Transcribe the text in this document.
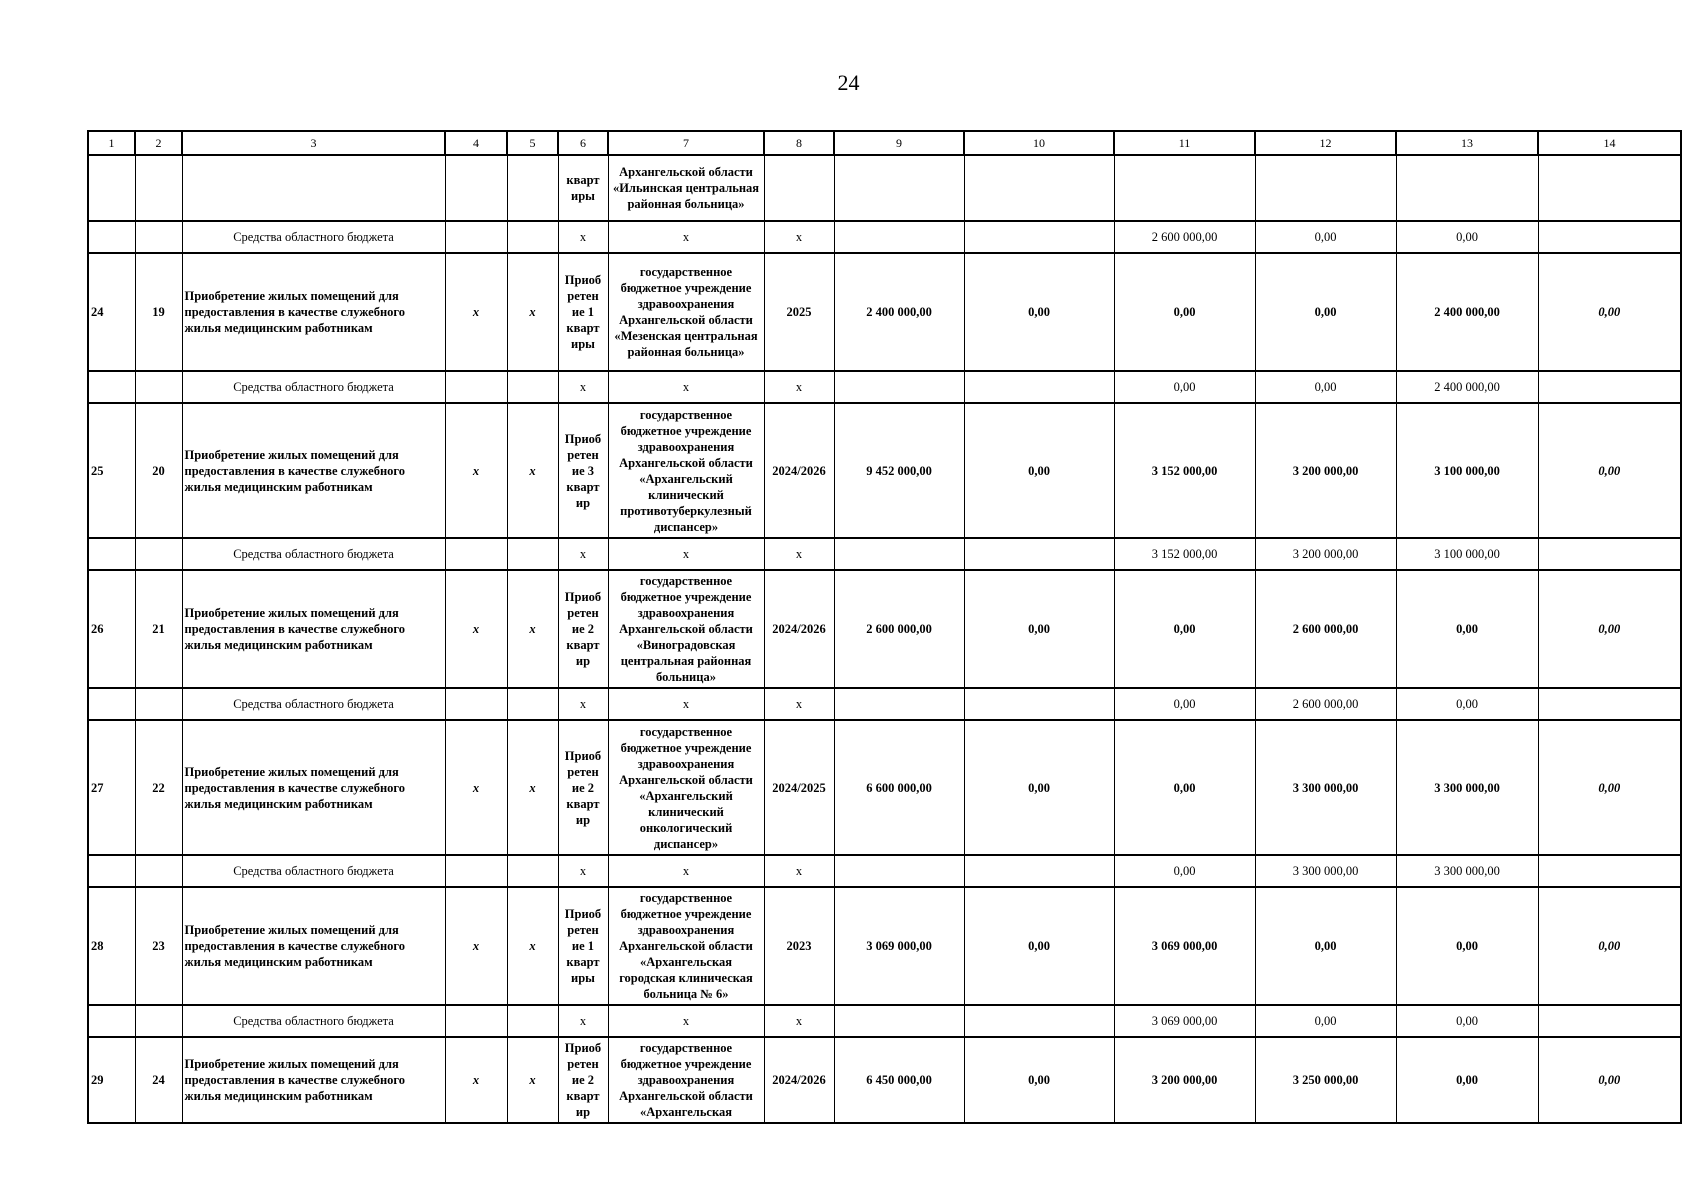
24
1	2	3	4	5	6	7	8	9	10	11	12	13	14
					кварт иры	Архангельской области «Ильинская центральная районная больница»							
		Средства областного бюджета			x	x	x			2 600 000,00	0,00	0,00	
24	19	Приобретение жилых помещений для предоставления в качестве служебного жилья медицинским работникам	x	x	Приоб ретен ие 1 кварт иры	государственное бюджетное учреждение здравоохранения Архангельской области «Мезенская центральная районная больница»	2025	2 400 000,00	0,00	0,00	0,00	2 400 000,00	0,00
		Средства областного бюджета			x	x	x			0,00	0,00	2 400 000,00	
25	20	Приобретение жилых помещений для предоставления в качестве служебного жилья медицинским работникам	x	x	Приоб ретен ие 3 кварт ир	государственное бюджетное учреждение здравоохранения Архангельской области «Архангельский клинический противотуберкулезный диспансер»	2024/2026	9 452 000,00	0,00	3 152 000,00	3 200 000,00	3 100 000,00	0,00
		Средства областного бюджета			x	x	x			3 152 000,00	3 200 000,00	3 100 000,00	
26	21	Приобретение жилых помещений для предоставления в качестве служебного жилья медицинским работникам	x	x	Приоб ретен ие 2 кварт ир	государственное бюджетное учреждение здравоохранения Архангельской области «Виноградовская центральная районная больница»	2024/2026	2 600 000,00	0,00	0,00	2 600 000,00	0,00	0,00
		Средства областного бюджета			x	x	x			0,00	2 600 000,00	0,00	
27	22	Приобретение жилых помещений для предоставления в качестве служебного жилья медицинским работникам	x	x	Приоб ретен ие 2 кварт ир	государственное бюджетное учреждение здравоохранения Архангельской области «Архангельский клинический онкологический диспансер»	2024/2025	6 600 000,00	0,00	0,00	3 300 000,00	3 300 000,00	0,00
		Средства областного бюджета			x	x	x			0,00	3 300 000,00	3 300 000,00	
28	23	Приобретение жилых помещений для предоставления в качестве служебного жилья медицинским работникам	x	x	Приоб ретен ие 1 кварт иры	государственное бюджетное учреждение здравоохранения Архангельской области «Архангельская городская клиническая больница № 6»	2023	3 069 000,00	0,00	3 069 000,00	0,00	0,00	0,00
		Средства областного бюджета			x	x	x			3 069 000,00	0,00	0,00	
29	24	Приобретение жилых помещений для предоставления в качестве служебного жилья медицинским работникам	x	x	Приоб ретен ие 2 кварт ир	государственное бюджетное учреждение здравоохранения Архангельской области «Архангельская	2024/2026	6 450 000,00	0,00	3 200 000,00	3 250 000,00	0,00	0,00
